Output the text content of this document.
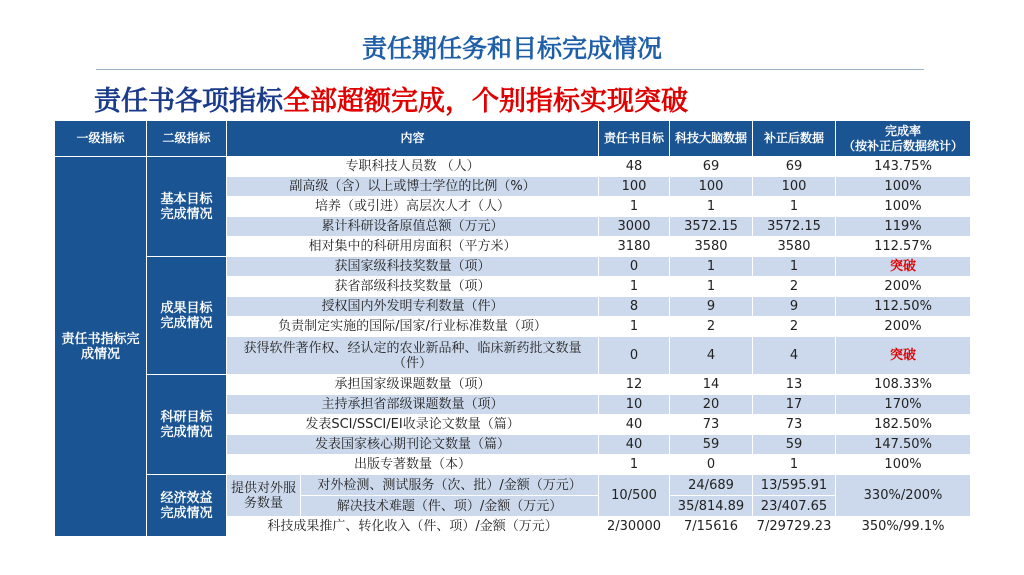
责任期任务和目标完成情况
责任书各项指标全部超额完成，个别指标实现突破
一级指标	二级指标	内容		责任书目标	科技大脑数据	补正后数据	完成率
（按补正后数据统计）

责任书指标完成情况	基本目标完成情况	专职科技人员数 （人）		48	69	69	143.75%
		副高级（含）以上或博士学位的比例（%）		100	100	100	100%
		培养（或引进）高层次人才（人）		1	1	1	100%
		累计科研设备原值总额（万元）		3000	3572.15	3572.15	119%
		相对集中的科研用房面积（平方米）		3180	3580	3580	112.57%

	成果目标完成情况	获国家级科技奖数量（项）		0	1	1	突破
		获省部级科技奖数量（项）		1	1	2	200%
		授权国内外发明专利数量（件）		8	9	9	112.50%
		负责制定实施的国际/国家/行业标准数量（项）		1	2	2	200%

		获得软件著作权、经认定的农业新品种、临床新药批文数量（件）		0	4	4	突破

	科研目标完成情况	承担国家级课题数量（项）		12	14	13	108.33%
		主持承担省部级课题数量（项）		10	20	17	170%
		发表SCI/SSCI/EI收录论文数量（篇）		40	73	73	182.50%
		发表国家核心期刊论文数量（篇）		40	59	59	147.50%
		出版专著数量（本）		1	0	1	100%

	经济效益完成情况	提供对外服务数量	对外检测、测试服务（次、批）/金额（万元）	10/500	24/689	13/595.91	330%/200%
			解决技术难题（件、项）/金额（万元）		35/814.89	23/407.65	
		科技成果推广、转化收入（件、项）/金额（万元）		2/30000	7/15616	7/29729.23	350%/99.1%
